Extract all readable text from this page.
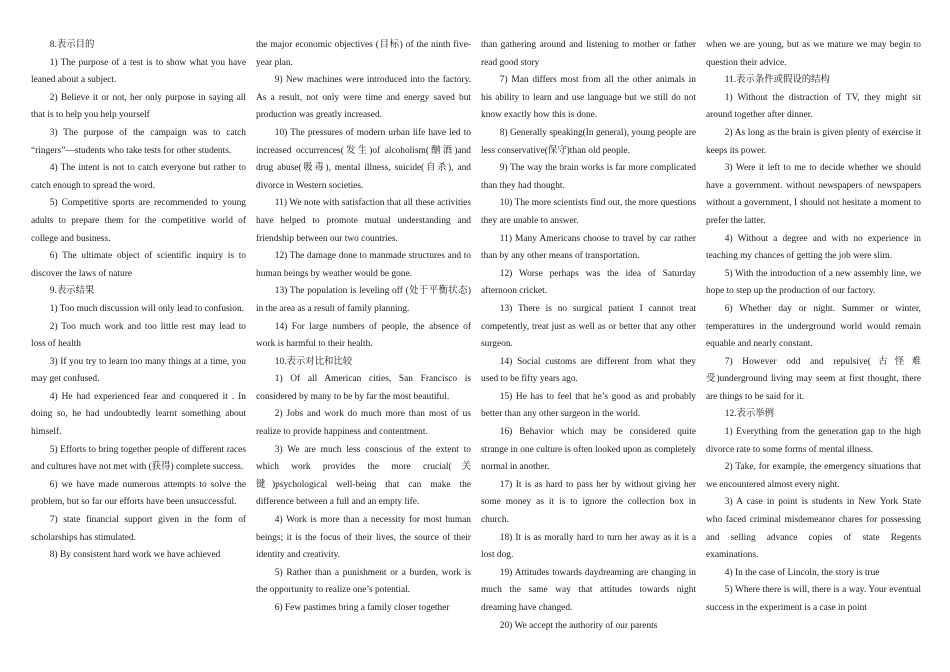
8.表示目的

1) The purpose of a test is to show what you have leaned about a subject.

2) Believe it or not, her only purpose in saying all that is to help you help yourself

3) The purpose of the campaign was to catch “ringers”—students who take tests for other students.

4) The intent is not to catch everyone but rather to catch enough to spread the word.

5) Competitive sports are recommended to young adults to prepare them for the competitive world of college and business.

6) The ultimate object of scientific inquiry is to discover the laws of nature

9.表示结果

1) Too much discussion will only lead to confusion.

2) Too much work and too little rest may lead to loss of health

3) If you try to learn too many things at a time, you may get confused.

4) He had experienced fear and conquered it . In doing so, he had undoubtedly learnt something about himself.

5) Efforts to bring together people of different races and cultures have not met with (获得) complete success.

6) we have made numerous attempts to solve the problem, but so far our efforts have been unsuccessful.

7) state financial support given in the form of scholarships has stimulated.

8) By consistent hard work we have achieved

the major economic objectives (目标) of the ninth five-year plan.

9) New machines were introduced into the factory. As a result, not only were time and energy saved but production was greatly increased.

10) The pressures of modern urban life have led to increased occurrences(发生)of alcoholism(酗酒)and drug abuse(吸毒), mental illness, suicide(自杀), and divorce in Western societies.

11) We note with satisfaction that all these activities have helped to promote mutual understanding and friendship between our two countries.

12) The damage done to manmade structures and to human beings by weather would be gone.

13) The population is leveling off (处于平衡状态) in the area as a result of family planning.

14) For large numbers of people, the absence of work is harmful to their health.

10.表示对比和比较

1) Of all American cities, San Francisco is considered by many to be by far the most beautiful.

2) Jobs and work do much more than most of us realize to provide happiness and contentment.

3) We are much less conscious of the extent to which work provides the more crucial(关键)psychological well-being that can make the difference between a full and an empty life.

4) Work is more than a necessity for most human beings; it is the focus of their lives, the source of their identity and creativity.

5) Rather than a punishment or a burden, work is the opportunity to realize one’s potential.

6) Few pastimes bring a family closer together

than gathering around and listening to mother or father read good story

7) Man differs most from all the other animals in his ability to learn and use language but we still do not know exactly how this is done.

8) Generally speaking(In general), young people are less conservative(保守)than old people.

9) The way the brain works is far more complicated than they had thought.

10) The more scientists find out, the more questions they are unable to answer.

11) Many Americans choose to travel by car rather than by any other means of transportation.

12) Worse perhaps was the idea of Saturday afternoon cricket.

13) There is no surgical patient I cannot treat competently, treat just as well as or better that any other surgeon.

14) Social customs are different from what they used to be fifty years ago.

15) He has to feel that he’s good as and probably better than any other surgeon in the world.

16) Behavior which may be considered quite strange in one culture is often looked upon as completely normal in another.

17) It is as hard to pass her by without giving her some money as it is to ignore the collection box in church.

18) It is as morally hard to turn her away as it is a lost dog.

19) Attitudes towards daydreaming are changing in much the same way that attitudes towards night dreaming have changed.

20) We accept the authority of our parents

when we are young, but as we mature we may begin to question their advice.

11.表示条件或假设的结构

1) Without the distraction of TV, they might sit around together after dinner.

2) As long as the brain is given plenty of exercise it keeps its power.

3) Were it left to me to decide whether we should have a government. without newspapers of newspapers without a government, I should not hesitate a moment to prefer the latter.

4) Without a degree and with no experience in teaching my chances of getting the job were slim.

5) With the introduction of a new assembly line, we hope to step up the production of our factory.

6) Whether day or night. Summer or winter, temperatures in the underground world would remain equable and nearly constant.

7) However odd and repulsive(古怪难受)underground living may seem at first thought, there are things to be said for it.

12.表示举例

1) Everything from the generation gap to the high divorce rate to some forms of mental illness.

2) Take, for example, the emergency situations that we encountered almost every night.

3) A case in point is students in New York State who faced criminal misdemeanor chares for possessing and selling advance copies of state Regents examinations.

4) In the case of Lincoln, the story is true

5) Where there is will, there is a way. Your eventual success in the experiment is a case in point
